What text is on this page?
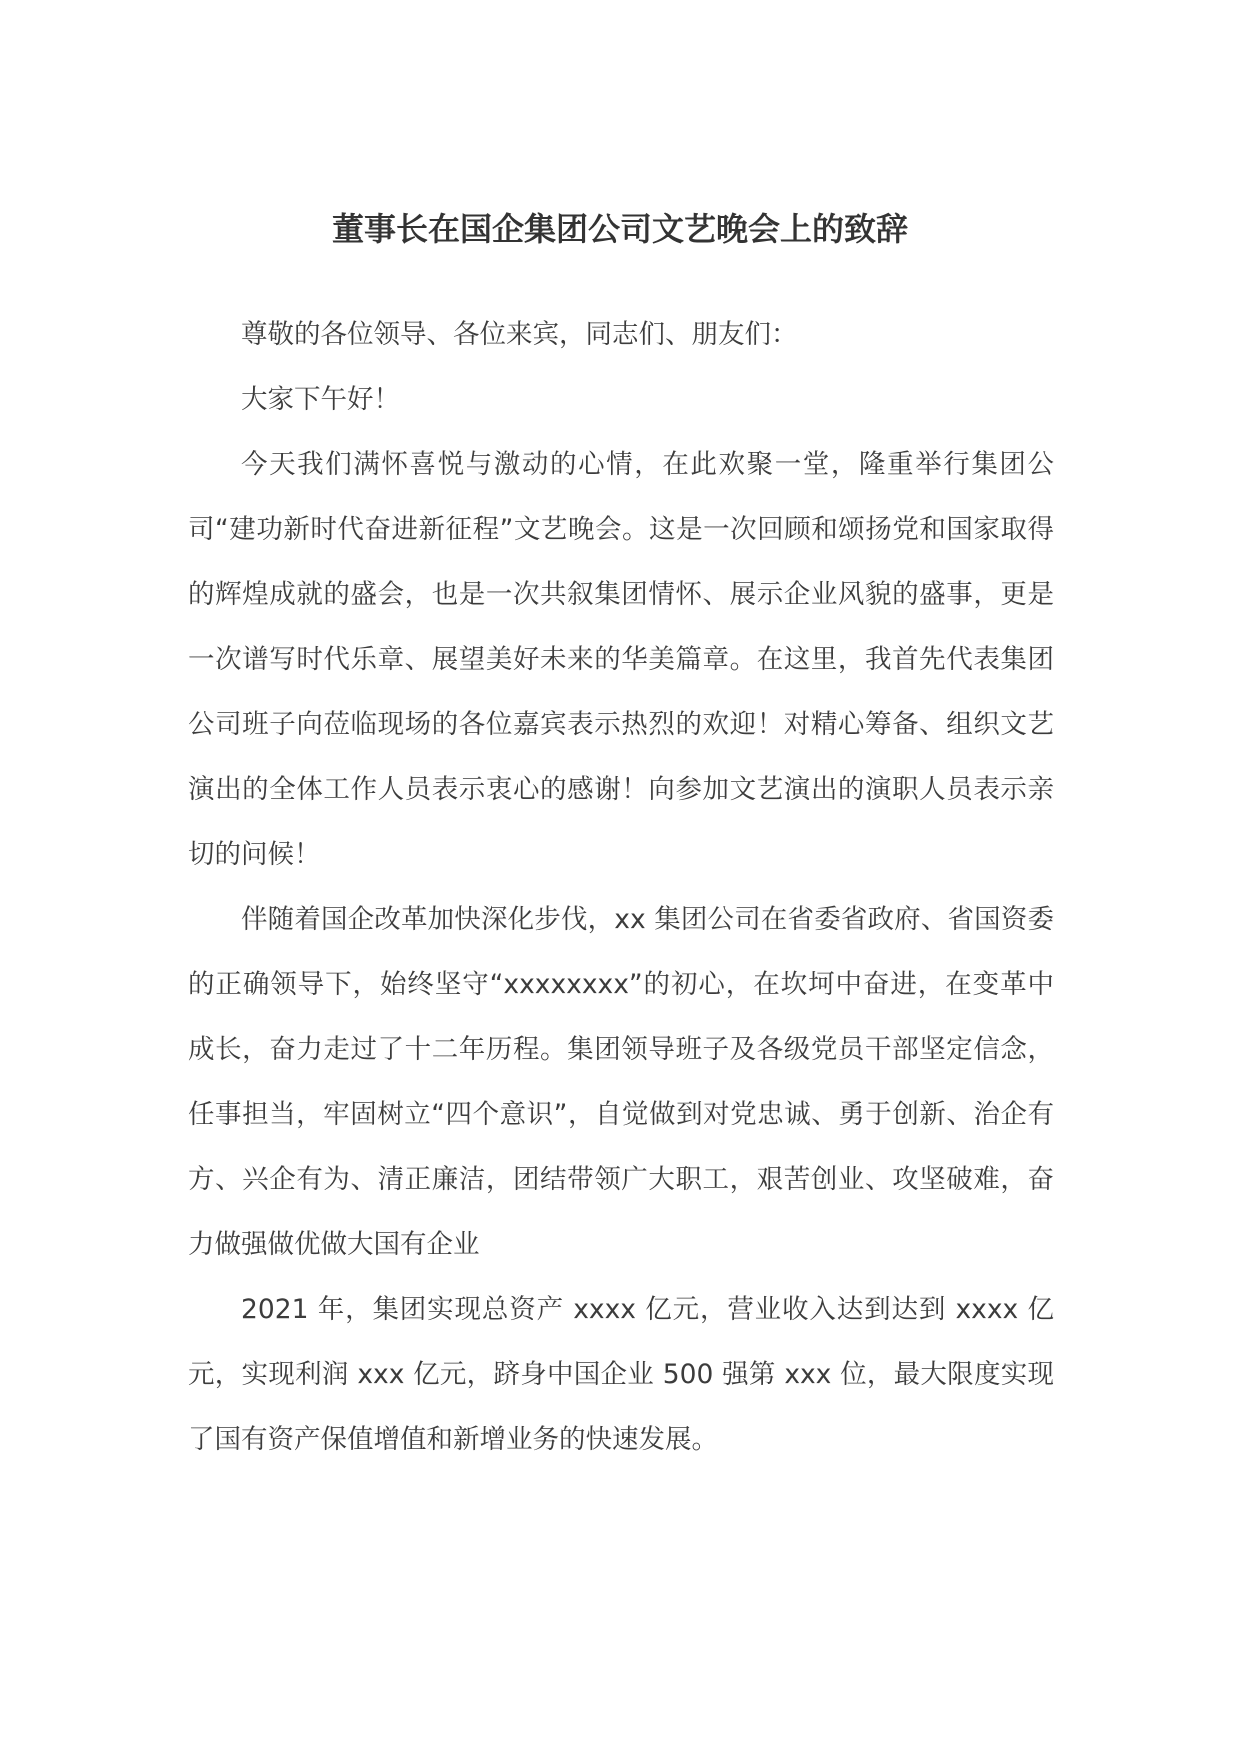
董事长在国企集团公司文艺晚会上的致辞

尊敬的各位领导、各位来宾，同志们、朋友们：

大家下午好！

今天我们满怀喜悦与激动的心情，在此欢聚一堂，隆重举行集团公司“建功新时代奋进新征程”文艺晚会。这是一次回顾和颂扬党和国家取得的辉煌成就的盛会，也是一次共叙集团情怀、展示企业风貌的盛事，更是一次谱写时代乐章、展望美好未来的华美篇章。在这里，我首先代表集团公司班子向莅临现场的各位嘉宾表示热烈的欢迎！对精心筹备、组织文艺演出的全体工作人员表示衷心的感谢！向参加文艺演出的演职人员表示亲切的问候！

伴随着国企改革加快深化步伐，xx 集团公司在省委省政府、省国资委的正确领导下，始终坚守“xxxxxxxx”的初心，在坎坷中奋进，在变革中成长，奋力走过了十二年历程。集团领导班子及各级党员干部坚定信念，任事担当，牢固树立“四个意识”，自觉做到对党忠诚、勇于创新、治企有方、兴企有为、清正廉洁，团结带领广大职工，艰苦创业、攻坚破难，奋力做强做优做大国有企业

2021 年，集团实现总资产 xxxx 亿元，营业收入达到达到 xxxx 亿元，实现利润 xxx 亿元，跻身中国企业 500 强第 xxx 位，最大限度实现了国有资产保值增值和新增业务的快速发展。
